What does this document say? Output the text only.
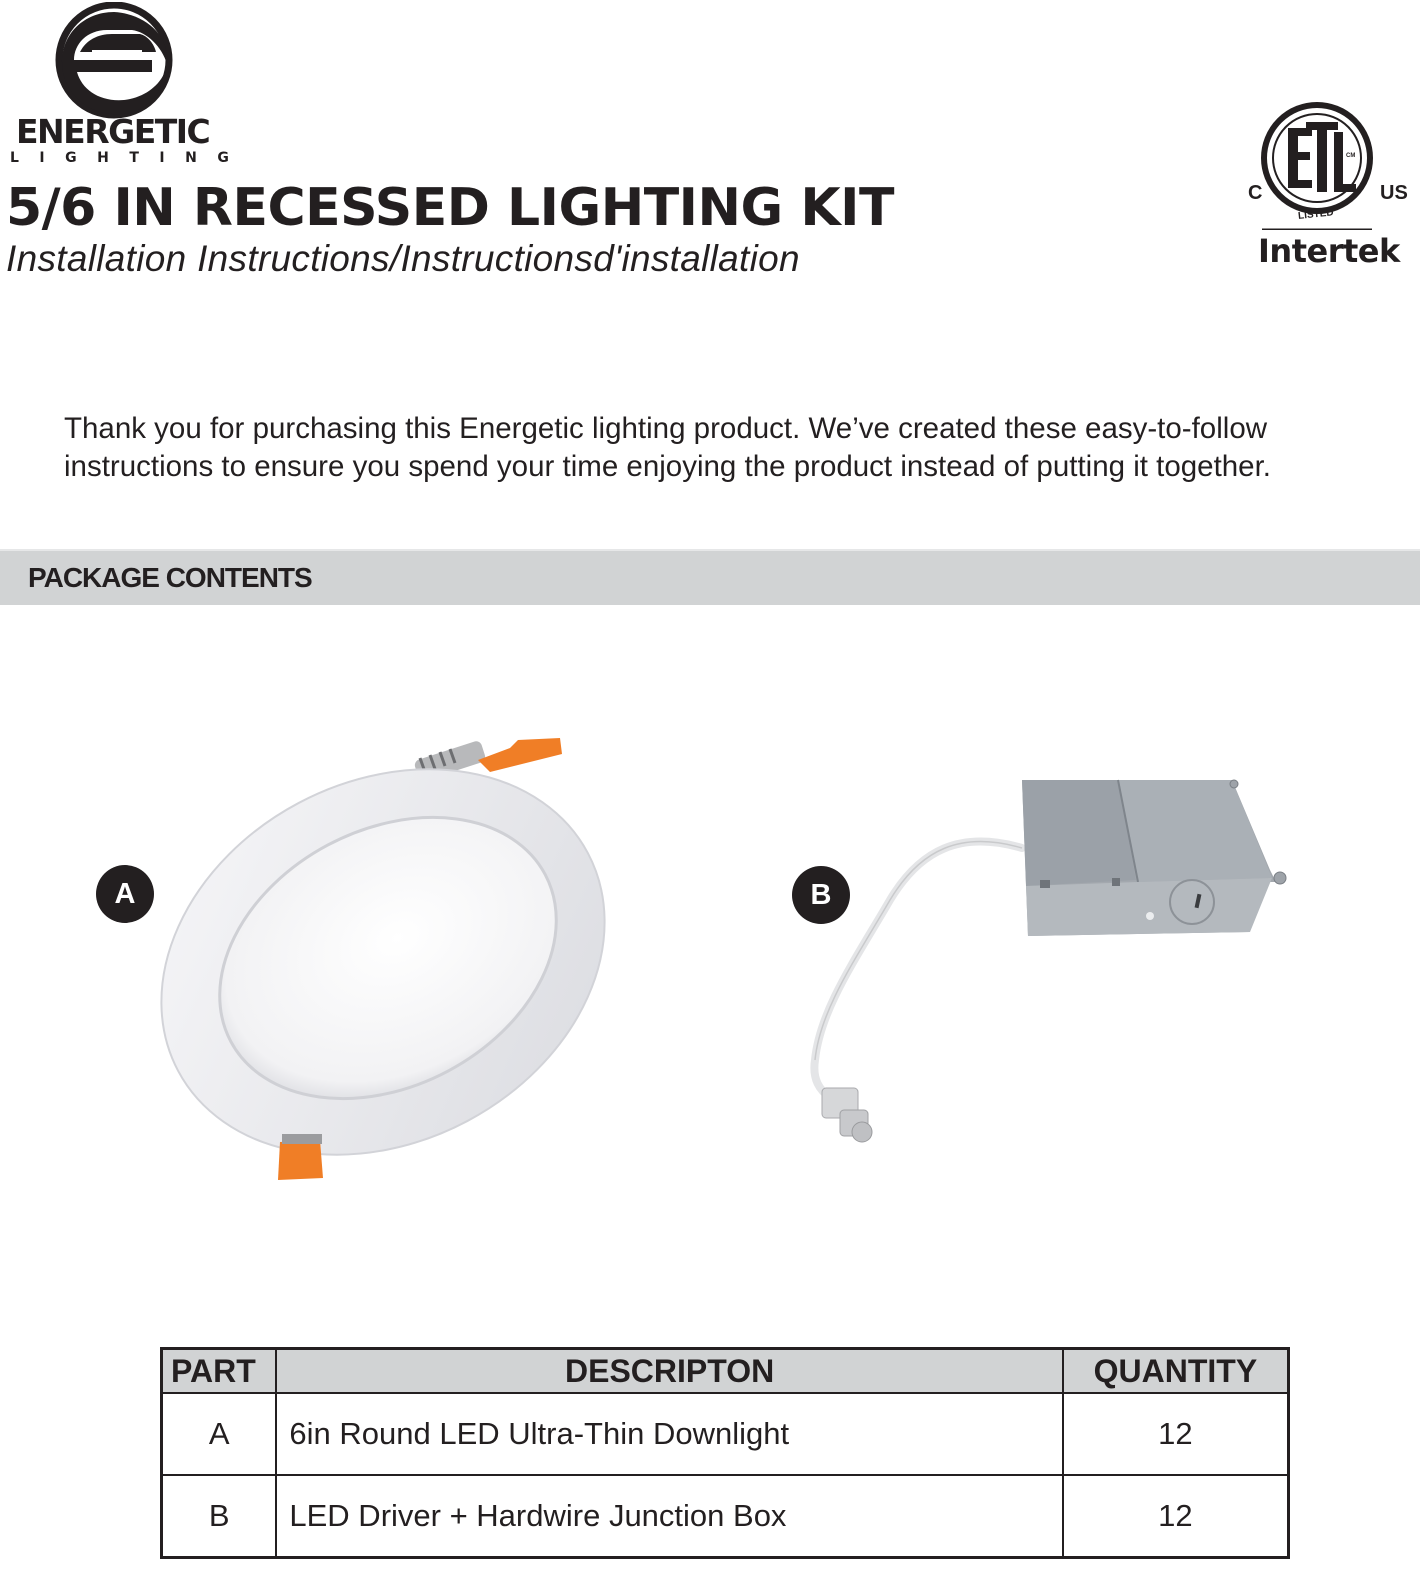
ENERGETIC
LIGHTING
5/6 IN RECESSED LIGHTING KIT
Installation Instructions/Instructionsd'installation
CM
LISTED
C	US
Intertek
Thank you for purchasing this Energetic lighting product. We’ve created these easy-to-follow
instructions to ensure you spend your time enjoying the product instead of putting it together.
PACKAGE CONTENTS
A	B
PART	DESCRIPTON	QUANTITY
A	6in Round LED Ultra-Thin Downlight	12
B	LED Driver + Hardwire Junction Box	12
